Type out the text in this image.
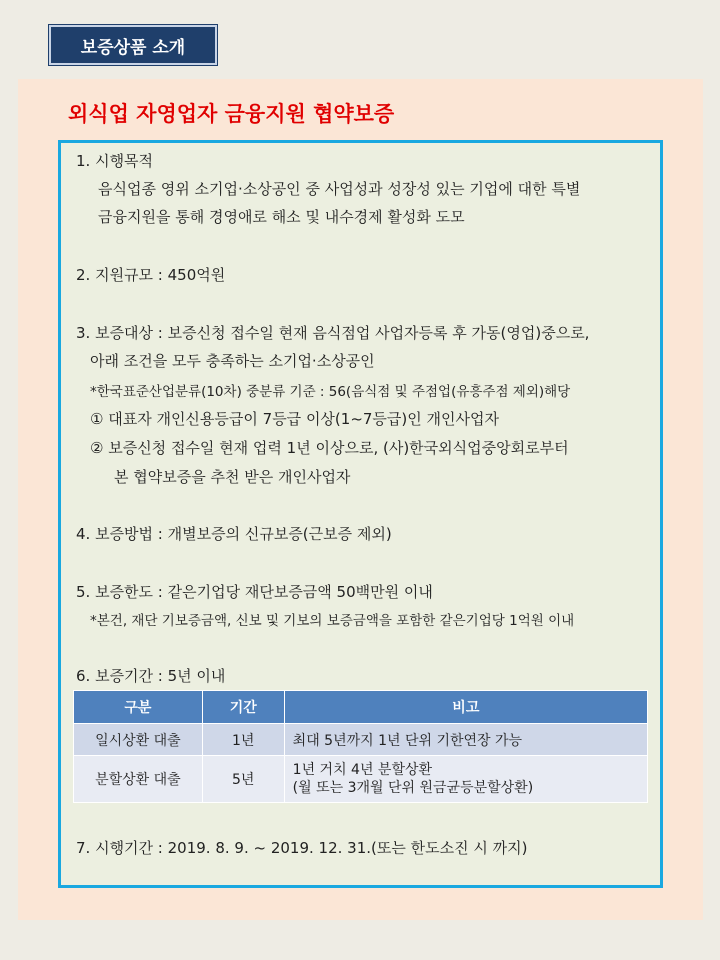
보증상품 소개
외식업 자영업자 금융지원 협약보증
1. 시행목적
음식업종 영위 소기업·소상공인 중 사업성과 성장성 있는 기업에 대한 특별
금융지원을 통해 경영애로 해소 및 내수경제 활성화 도모
2. 지원규모 : 450억원
3. 보증대상 : 보증신청 접수일 현재 음식점업 사업자등록 후 가동(영업)중으로,
아래 조건을 모두 충족하는 소기업·소상공인
*한국표준산업분류(10차) 중분류 기준 : 56(음식점 및 주점업(유흥주점 제외)해당
① 대표자 개인신용등급이 7등급 이상(1~7등급)인 개인사업자
② 보증신청 접수일 현재 업력 1년 이상으로, (사)한국외식업중앙회로부터
본 협약보증을 추천 받은 개인사업자
4. 보증방법 : 개별보증의 신규보증(근보증 제외)
5. 보증한도 : 같은기업당 재단보증금액 50백만원 이내
*본건, 재단 기보증금액, 신보 및 기보의 보증금액을 포함한 같은기업당 1억원 이내
6. 보증기간 : 5년 이내
구분	기간	비고
일시상환 대출	1년	최대 5년까지 1년 단위 기한연장 가능
분할상환 대출	5년	1년 거치 4년 분할상환
(월 또는 3개월 단위 원금균등분할상환)
7. 시행기간 : 2019. 8. 9. ~ 2019. 12. 31.(또는 한도소진 시 까지)
